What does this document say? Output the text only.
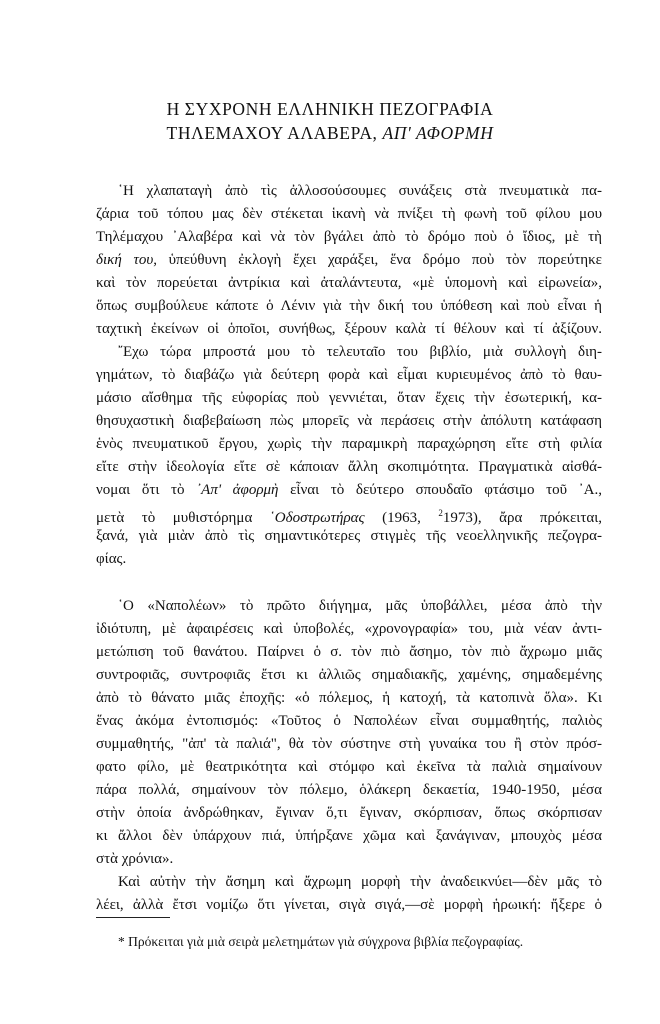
Η ΣΥΧΡΟΝΗ ΕΛΛΗΝΙΚΗ ΠΕΖΟΓΡΑΦΙΑ
ΤΗΛΕΜΑΧΟΥ ΑΛΑΒΕΡΑ, ΑΠ' ΑΦΟΡΜΗ
῾Η χλαπαταγὴ ἀπὸ τὶς ἀλλοσούσουμες συνάξεις στὰ πνευματικὰ πα-
ζάρια τοῦ τόπου μας δὲν στέκεται ἱκανὴ νὰ πνίξει τὴ φωνὴ τοῦ φίλου μου
Τηλέμαχου ᾿Αλαβέρα καὶ νὰ τὸν βγάλει ἀπὸ τὸ δρόμο ποὺ ὁ ἴδιος, μὲ τὴ
δική του, ὑπεύθυνη ἐκλογὴ ἔχει χαράξει, ἕνα δρόμο ποὺ τὸν πορεύτηκε
καὶ τὸν πορεύεται ἀντρίκια καὶ ἀταλάντευτα, «μὲ ὑπομονὴ καὶ εἰρωνεία»,
ὅπως συμβούλευε κάποτε ὁ Λένιν γιὰ τὴν δική του ὑπόθεση καὶ ποὺ εἶναι ἡ
ταχτικὴ ἐκείνων οἱ ὁποῖοι, συνήθως, ξέρουν καλὰ τί θέλουν καὶ τί ἀξίζουν.
῎Εχω τώρα μπροστά μου τὸ τελευταῖο του βιβλίο, μιὰ συλλογὴ διη-
γημάτων, τὸ διαβάζω γιὰ δεύτερη φορὰ καὶ εἶμαι κυριευμένος ἀπὸ τὸ θαυ-
μάσιο αἴσθημα τῆς εὐφορίας ποὺ γεννιέται, ὅταν ἔχεις τὴν ἐσωτερική, κα-
θησυχαστικὴ διαβεβαίωση πὼς μπορεῖς νὰ περάσεις στὴν ἀπόλυτη κατάφαση
ἑνὸς πνευματικοῦ ἔργου, χωρὶς τὴν παραμικρὴ παραχώρηση εἴτε στὴ φιλία
εἴτε στὴν ἰδεολογία εἴτε σὲ κάποιαν ἄλλη σκοπιμότητα. Πραγματικὰ αἰσθά-
νομαι ὅτι τὸ ᾿Απ' ἀφορμὴ εἶναι τὸ δεύτερο σπουδαῖο φτάσιμο τοῦ ᾿Α.,
μετὰ τὸ μυθιστόρημα ῾Οδοστρωτήρας (1963, $^2$1973), ἄρα πρόκειται,
ξανά, γιὰ μιὰν ἀπὸ τὶς σημαντικότερες στιγμὲς τῆς νεοελληνικῆς πεζογρα-
φίας.
῾Ο «Ναπολέων» τὸ πρῶτο διήγημα, μᾶς ὑποβάλλει, μέσα ἀπὸ τὴν
ἰδιότυπη, μὲ ἀφαιρέσεις καὶ ὑποβολές, «χρονογραφία» του, μιὰ νέαν ἀντι-
μετώπιση τοῦ θανάτου. Παίρνει ὁ σ. τὸν πιὸ ἄσημο, τὸν πιὸ ἄχρωμο μιᾶς
συντροφιᾶς, συντροφιᾶς ἔτσι κι ἀλλιῶς σημαδιακῆς, χαμένης, σημαδεμένης
ἀπὸ τὸ θάνατο μιᾶς ἐποχῆς: «ὁ πόλεμος, ἡ κατοχή, τὰ κατοπινὰ ὅλα». Κι
ἕνας ἀκόμα ἐντοπισμός: «Τοῦτος ὁ Ναπολέων εἶναι συμμαθητής, παλιὸς
συμμαθητής, "ἀπ' τὰ παλιά", θὰ τὸν σύστηνε στὴ γυναίκα του ἢ στὸν πρόσ-
φατο φίλο, μὲ θεατρικότητα καὶ στόμφο καὶ ἐκεῖνα τὰ παλιὰ σημαίνουν
πάρα πολλά, σημαίνουν τὸν πόλεμο, ὁλάκερη δεκαετία, 1940-1950, μέσα
στὴν ὁποία ἀνδρώθηκαν, ἔγιναν ὅ,τι ἔγιναν, σκόρπισαν, ὅπως σκόρπισαν
κι ἄλλοι δὲν ὑπάρχουν πιά, ὑπήρξανε χῶμα καὶ ξανάγιναν, μπουχὸς μέσα
στὰ χρόνια».
Καὶ αὐτὴν τὴν ἄσημη καὶ ἄχρωμη μορφὴ τὴν ἀναδεικνύει—δὲν μᾶς τὸ
λέει, ἀλλὰ ἔτσι νομίζω ὅτι γίνεται, σιγὰ σιγά,—σὲ μορφὴ ἡρωική: ἤξερε ὁ
* Πρόκειται γιὰ μιὰ σειρὰ μελετημάτων γιὰ σύγχρονα βιβλία πεζογραφίας.
